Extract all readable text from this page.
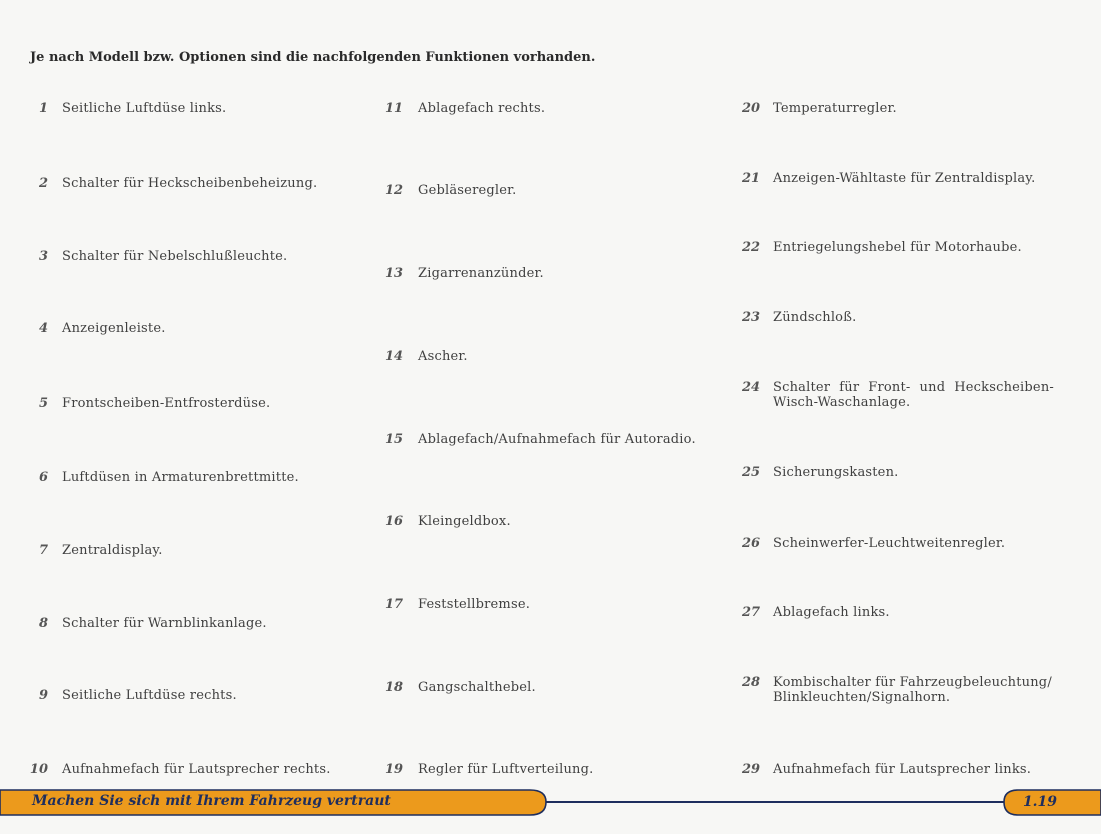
Je nach Modell bzw. Optionen sind die nachfolgenden Funktionen vorhanden.
1 Seitliche Luftdüse links.
2 Schalter für Heckscheibenbeheizung.
3 Schalter für Nebelschlußleuchte.
4 Anzeigenleiste.
5 Frontscheiben-Entfrosterdüse.
6 Luftdüsen in Armaturenbrettmitte.
7 Zentraldisplay.
8 Schalter für Warnblinkanlage.
9 Seitliche Luftdüse rechts.
10 Aufnahmefach für Lautsprecher rechts.
11 Ablagefach rechts.
12 Gebläseregler.
13 Zigarrenanzünder.
14 Ascher.
15 Ablagefach/Aufnahmefach für Autoradio.
16 Kleingeldbox.
17 Feststellbremse.
18 Gangschalthebel.
19 Regler für Luftverteilung.
20 Temperaturregler.
21 Anzeigen-Wähltaste für Zentraldisplay.
22 Entriegelungshebel für Motorhaube.
23 Zündschloß.
24 Schalter für Front- und Heckscheiben-
Wisch-Waschanlage.
25 Sicherungskasten.
26 Scheinwerfer-Leuchtweitenregler.
27 Ablagefach links.
28 Kombischalter für Fahrzeugbeleuchtung/
Blinkleuchten/Signalhorn.
29 Aufnahmefach für Lautsprecher links.
Machen Sie sich mit Ihrem Fahrzeug vertraut	1.19
